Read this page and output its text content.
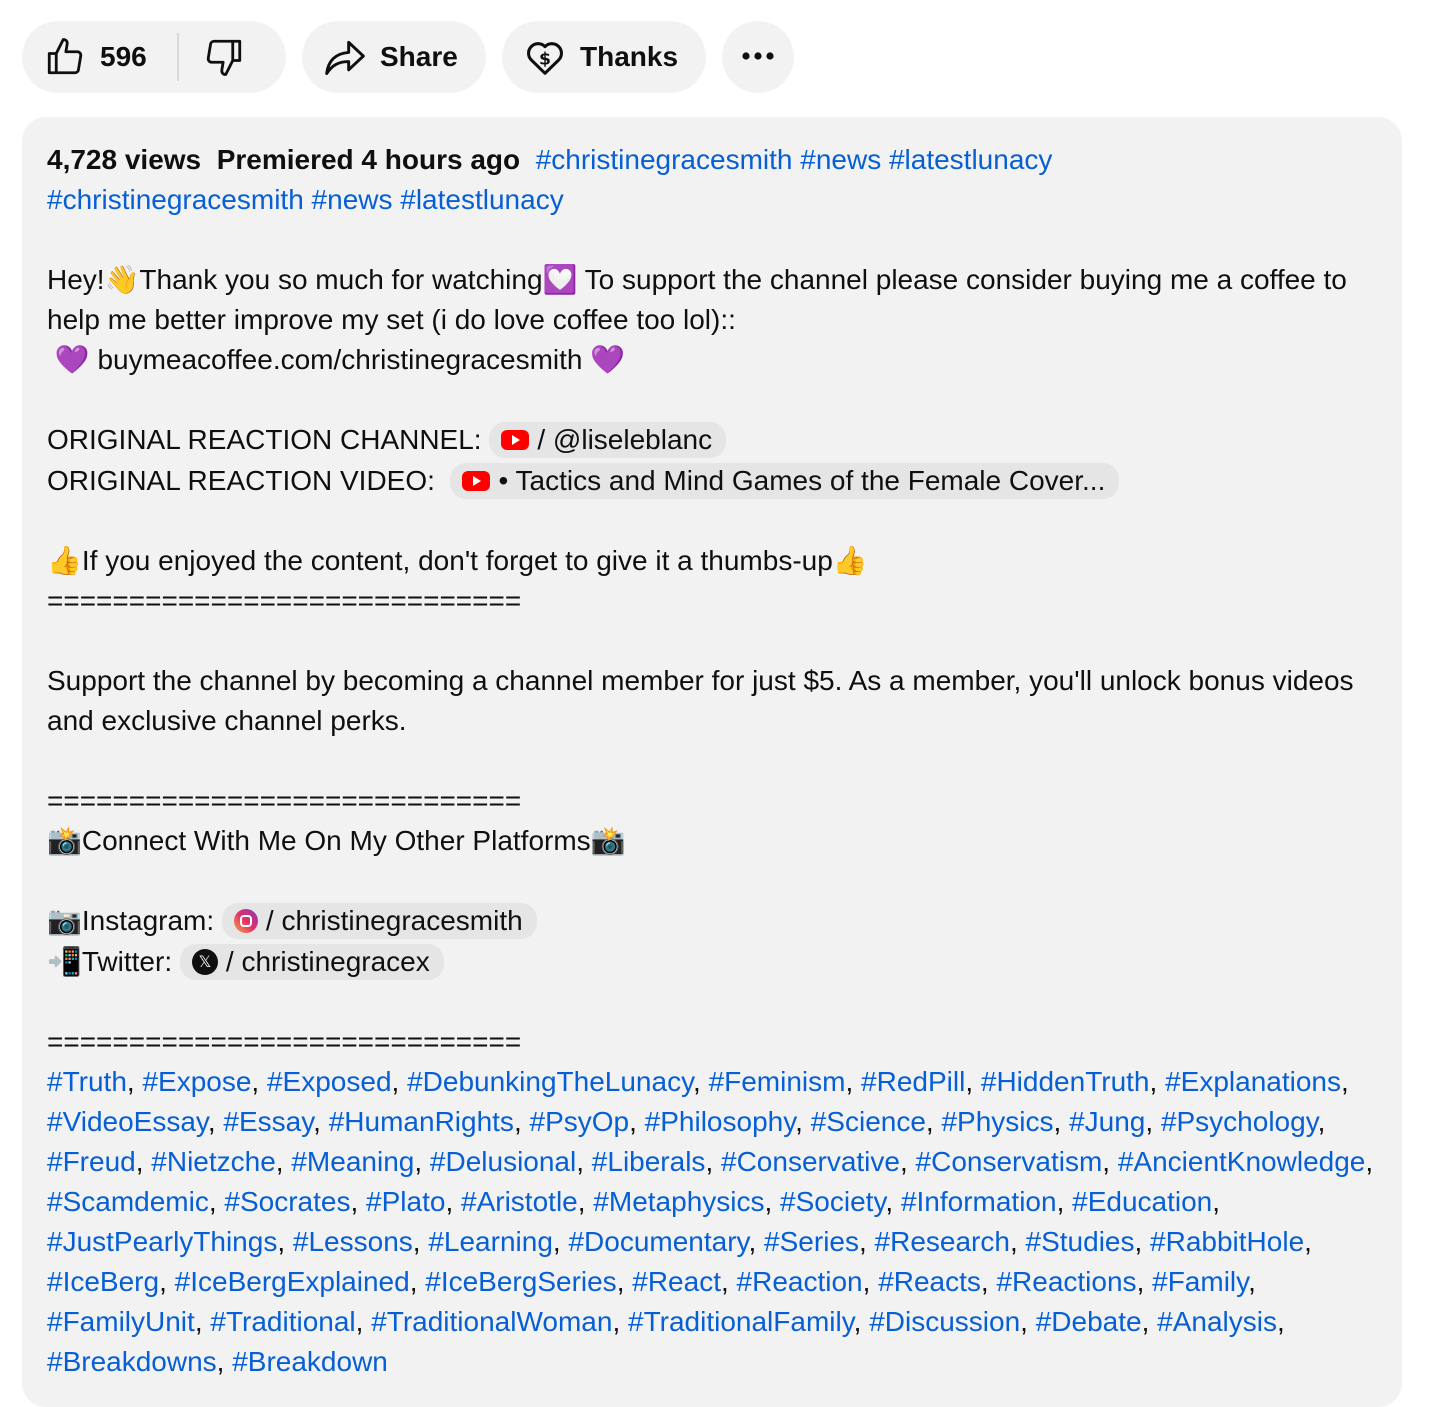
596	Share	$ Thanks
4,728 views Premiered 4 hours ago #christinegracesmith #news #latestlunacy
#christinegracesmith #news #latestlunacy
Hey!👋Thank you so much for watching💟 To support the channel please consider buying me a coffee to
help me better improve my set (i do love coffee too lol)::
💜 buymeacoffee.com/christinegracesmith 💜
ORIGINAL REACTION CHANNEL: / @liseleblanc
ORIGINAL REACTION VIDEO: • Tactics and Mind Games of the Female Cover...
👍If you enjoyed the content, don't forget to give it a thumbs-up👍
=============================
Support the channel by becoming a channel member for just $5. As a member, you'll unlock bonus videos
and exclusive channel perks.
=============================
📸Connect With Me On My Other Platforms📸
📷Instagram: / christinegracesmith
📲Twitter:	𝕏 / christinegracex
=============================
#Truth, #Expose, #Exposed, #DebunkingTheLunacy, #Feminism, #RedPill, #HiddenTruth, #Explanations, #VideoEssay, #Essay, #HumanRights, #PsyOp, #Philosophy, #Science, #Physics, #Jung, #Psychology, #Freud, #Nietzche, #Meaning, #Delusional, #Liberals, #Conservative, #Conservatism, #AncientKnowledge, #Scamdemic, #Socrates, #Plato, #Aristotle, #Metaphysics, #Society, #Information, #Education, #JustPearlyThings, #Lessons, #Learning, #Documentary, #Series, #Research, #Studies, #RabbitHole, #IceBerg, #IceBergExplained, #IceBergSeries, #React, #Reaction, #Reacts, #Reactions, #Family, #FamilyUnit, #Traditional, #TraditionalWoman, #TraditionalFamily, #Discussion, #Debate, #Analysis, #Breakdowns, #Breakdown
